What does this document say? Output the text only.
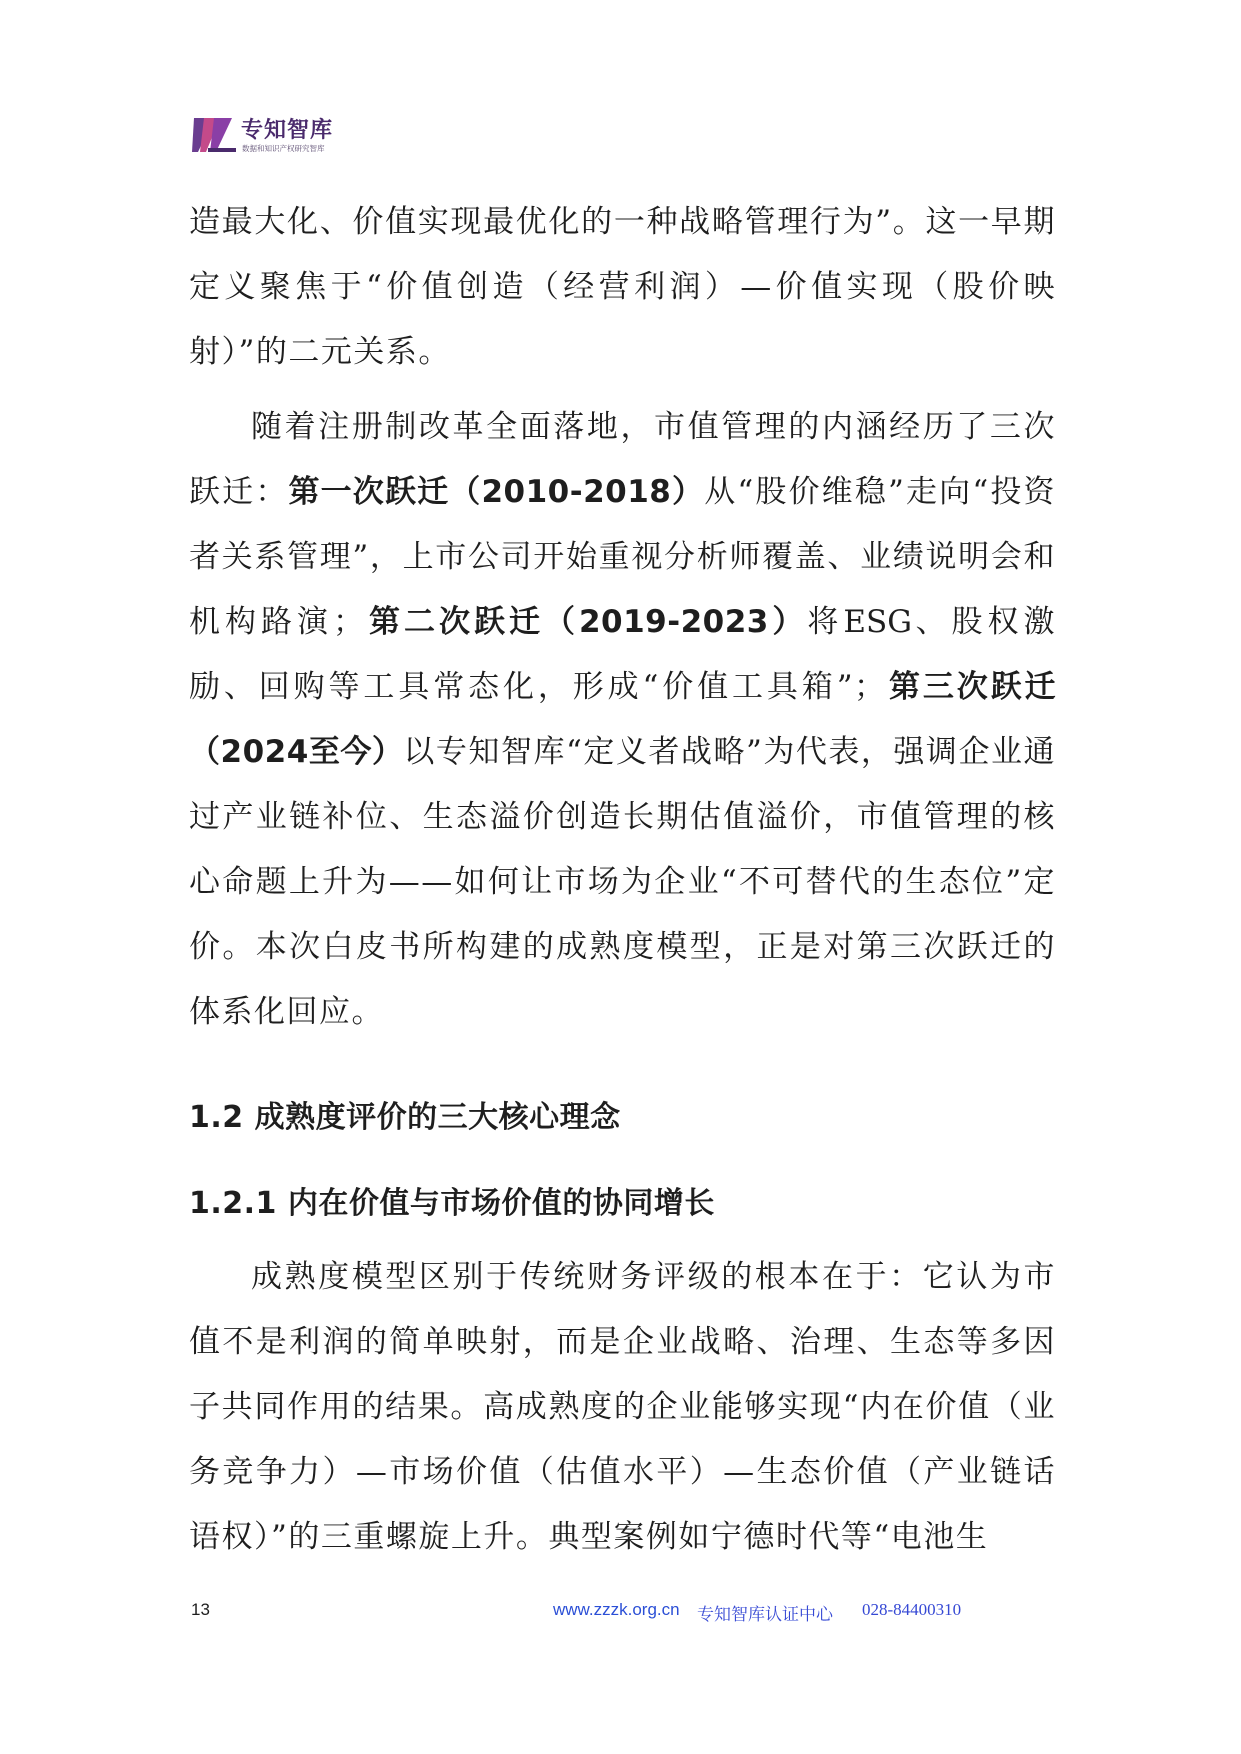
专知智库
数据和知识产权研究智库

造最大化、价值实现最优化的一种战略管理行为”。这一早期定义聚焦于“价值创造（经营利润）—价值实现（股价映射）”的二元关系。

随着注册制改革全面落地，市值管理的内涵经历了三次跃迁：第一次跃迁（2010-2018）从“股价维稳”走向“投资者关系管理”，上市公司开始重视分析师覆盖、业绩说明会和机构路演；第二次跃迁（2019-2023）将ESG、股权激励、回购等工具常态化，形成“价值工具箱”；第三次跃迁（2024至今）以专知智库“定义者战略”为代表，强调企业通过产业链补位、生态溢价创造长期估值溢价，市值管理的核心命题上升为——如何让市场为企业“不可替代的生态位”定价。本次白皮书所构建的成熟度模型，正是对第三次跃迁的体系化回应。

1.2 成熟度评价的三大核心理念
1.2.1 内在价值与市场价值的协同增长

成熟度模型区别于传统财务评级的根本在于：它认为市值不是利润的简单映射，而是企业战略、治理、生态等多因子共同作用的结果。高成熟度的企业能够实现“内在价值（业务竞争力）—市场价值（估值水平）—生态价值（产业链话语权）”的三重螺旋上升。典型案例如宁德时代等“电池生

13	www.zzzk.org.cn 专知智库认证中心 028-84400310
